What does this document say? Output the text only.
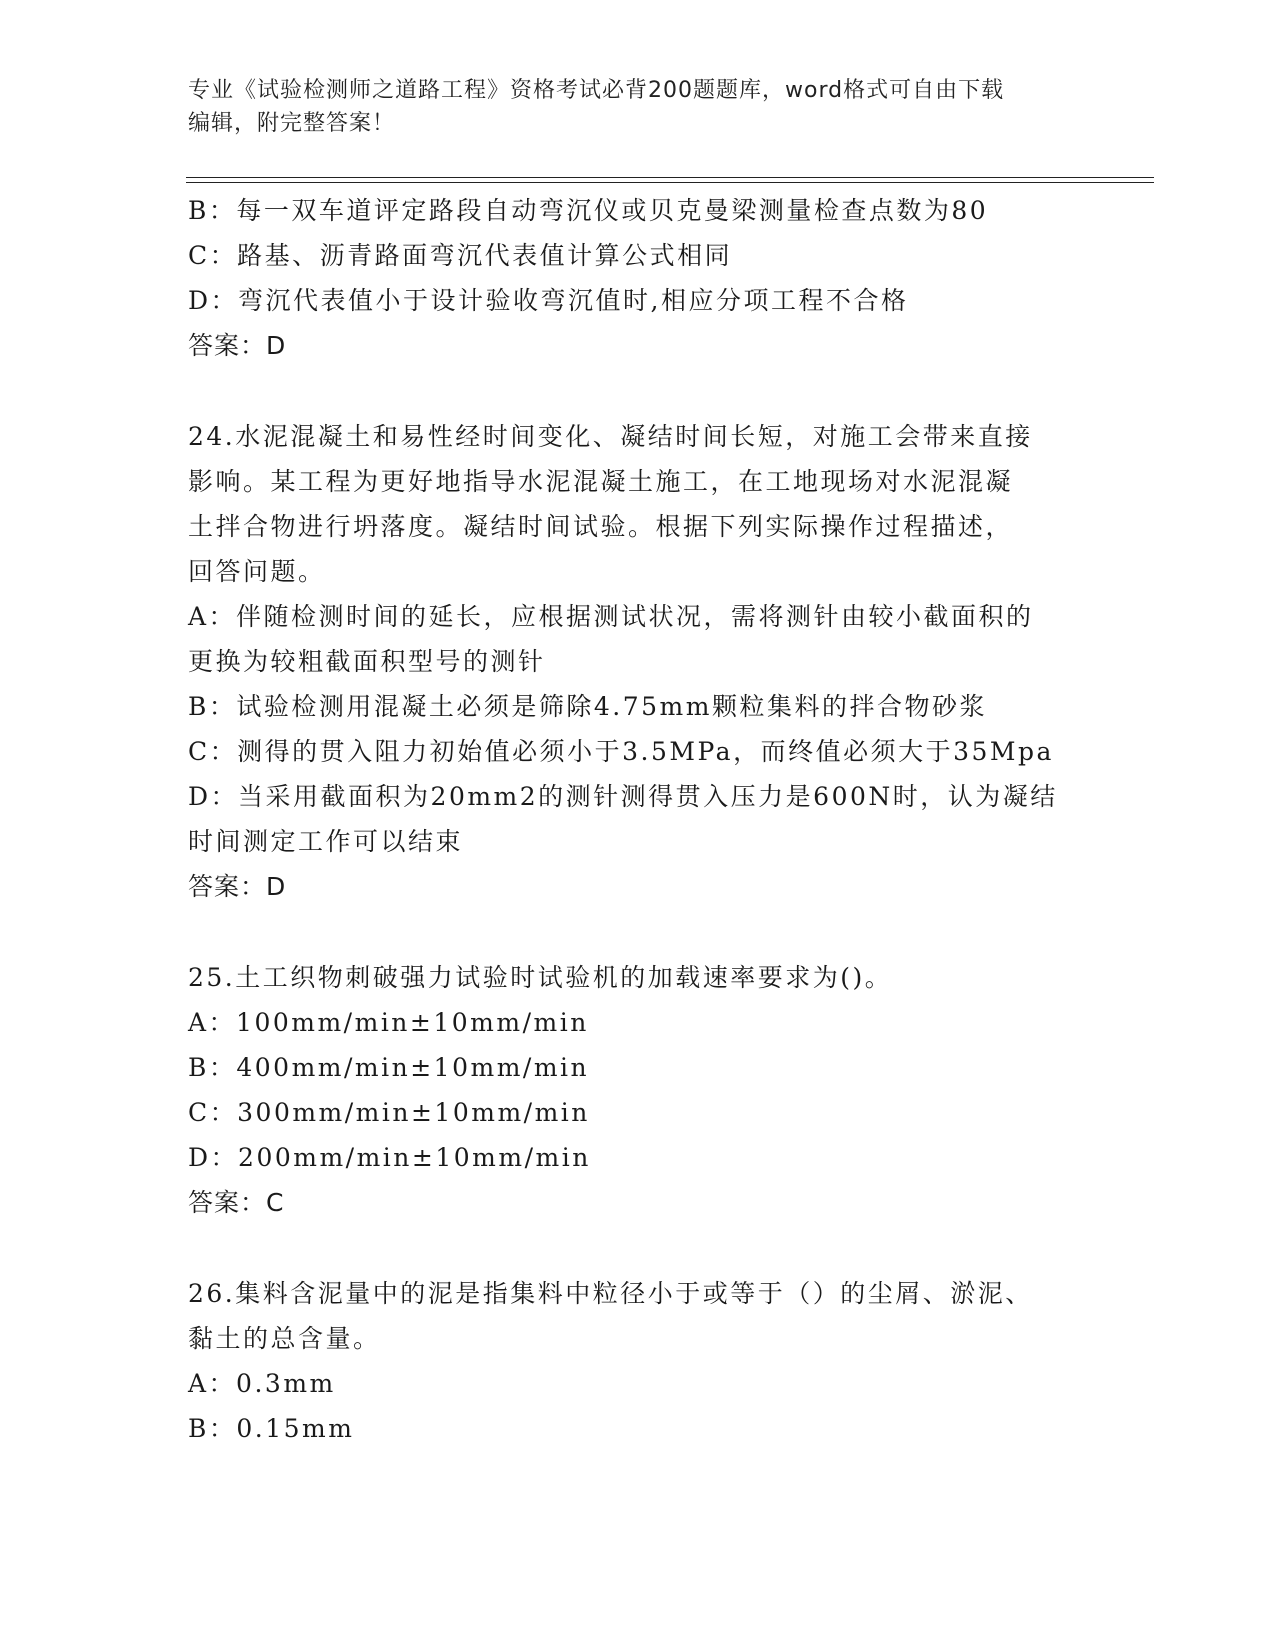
专业《试验检测师之道路工程》资格考试必背200题题库，word格式可自由下载
编辑，附完整答案！
B：每一双车道评定路段自动弯沉仪或贝克曼梁测量检查点数为80
C：路基、沥青路面弯沉代表值计算公式相同
D：弯沉代表值小于设计验收弯沉值时,相应分项工程不合格
答案：D
24.水泥混凝土和易性经时间变化、凝结时间长短，对施工会带来直接
影响。某工程为更好地指导水泥混凝土施工，在工地现场对水泥混凝
土拌合物进行坍落度。凝结时间试验。根据下列实际操作过程描述，
回答问题。
A：伴随检测时间的延长，应根据测试状况，需将测针由较小截面积的
更换为较粗截面积型号的测针
B：试验检测用混凝土必须是筛除4.75mm颗粒集料的拌合物砂浆
C：测得的贯入阻力初始值必须小于3.5MPa，而终值必须大于35Mpa
D：当采用截面积为20mm2的测针测得贯入压力是600N时，认为凝结
时间测定工作可以结束
答案：D
25.土工织物刺破强力试验时试验机的加载速率要求为()。
A：100mm/min±10mm/min
B：400mm/min±10mm/min
C：300mm/min±10mm/min
D：200mm/min±10mm/min
答案：C
26.集料含泥量中的泥是指集料中粒径小于或等于（）的尘屑、淤泥、
黏土的总含量。
A：0.3mm
B：0.15mm
